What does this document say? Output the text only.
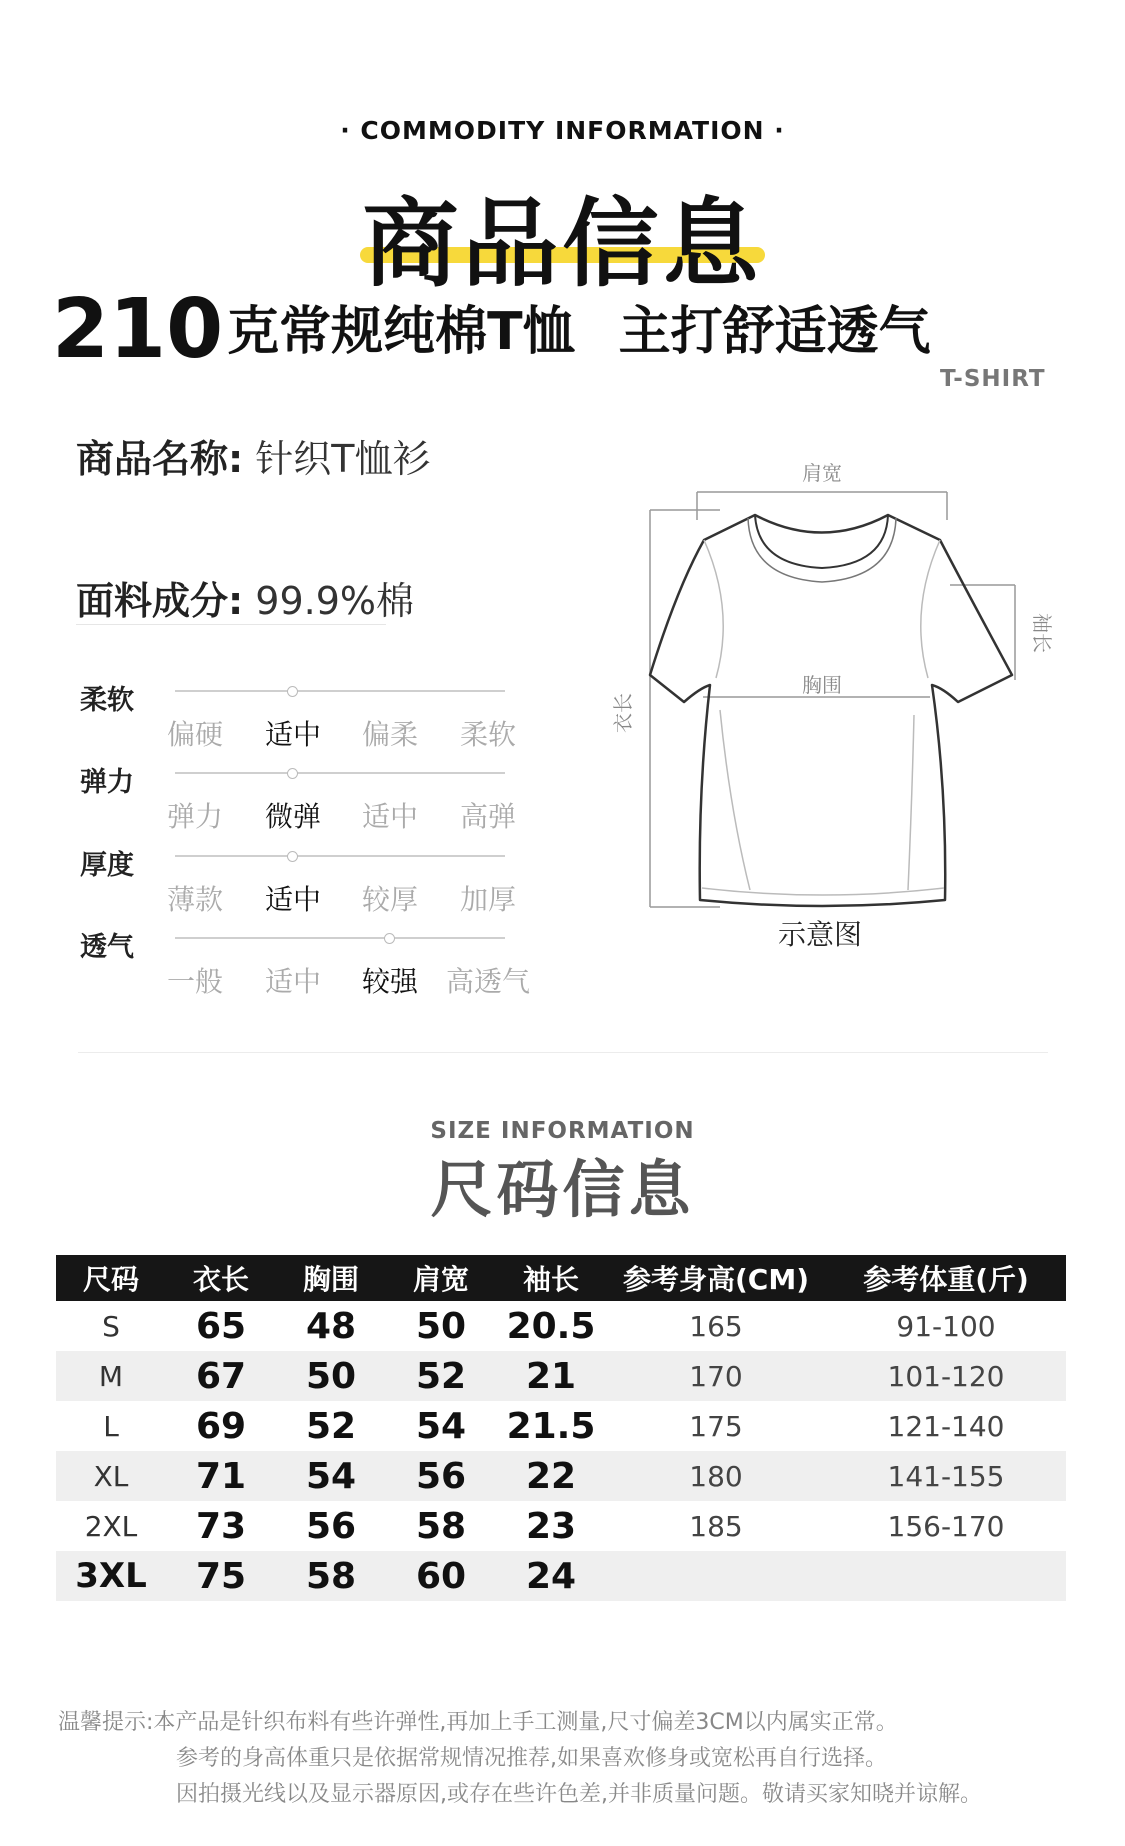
· COMMODITY INFORMATION ·
商品信息
210克常规纯棉T恤 主打舒适透气
T-SHIRT
商品名称: 针织T恤衫
面料成分: 99.9%棉
柔软
偏硬	适中	偏柔	柔软
弹力
弹力	微弹	适中	高弹
厚度
薄款	适中	较厚	加厚
透气
一般	适中	较强 高透气
肩宽
胸围
衣长
袖长
示意图
SIZE INFORMATION
尺码信息
尺码	衣长	胸围	肩宽	袖长	参考身高(CM)	参考体重(斤)
S	65	48	50	20.5	165	91-100
M	67	50	52	21	170	101-120
L	69	52	54	21.5	175	121-140
XL	71	54	56	22	180	141-155
2XL	73	56	58	23	185	156-170
3XL	75	58	60	24		
温馨提示:本产品是针织布料有些许弹性,再加上手工测量,尺寸偏差3CM以内属实正常。
参考的身高体重只是依据常规情况推荐,如果喜欢修身或宽松再自行选择。
因拍摄光线以及显示器原因,或存在些许色差,并非质量问题。敬请买家知晓并谅解。
